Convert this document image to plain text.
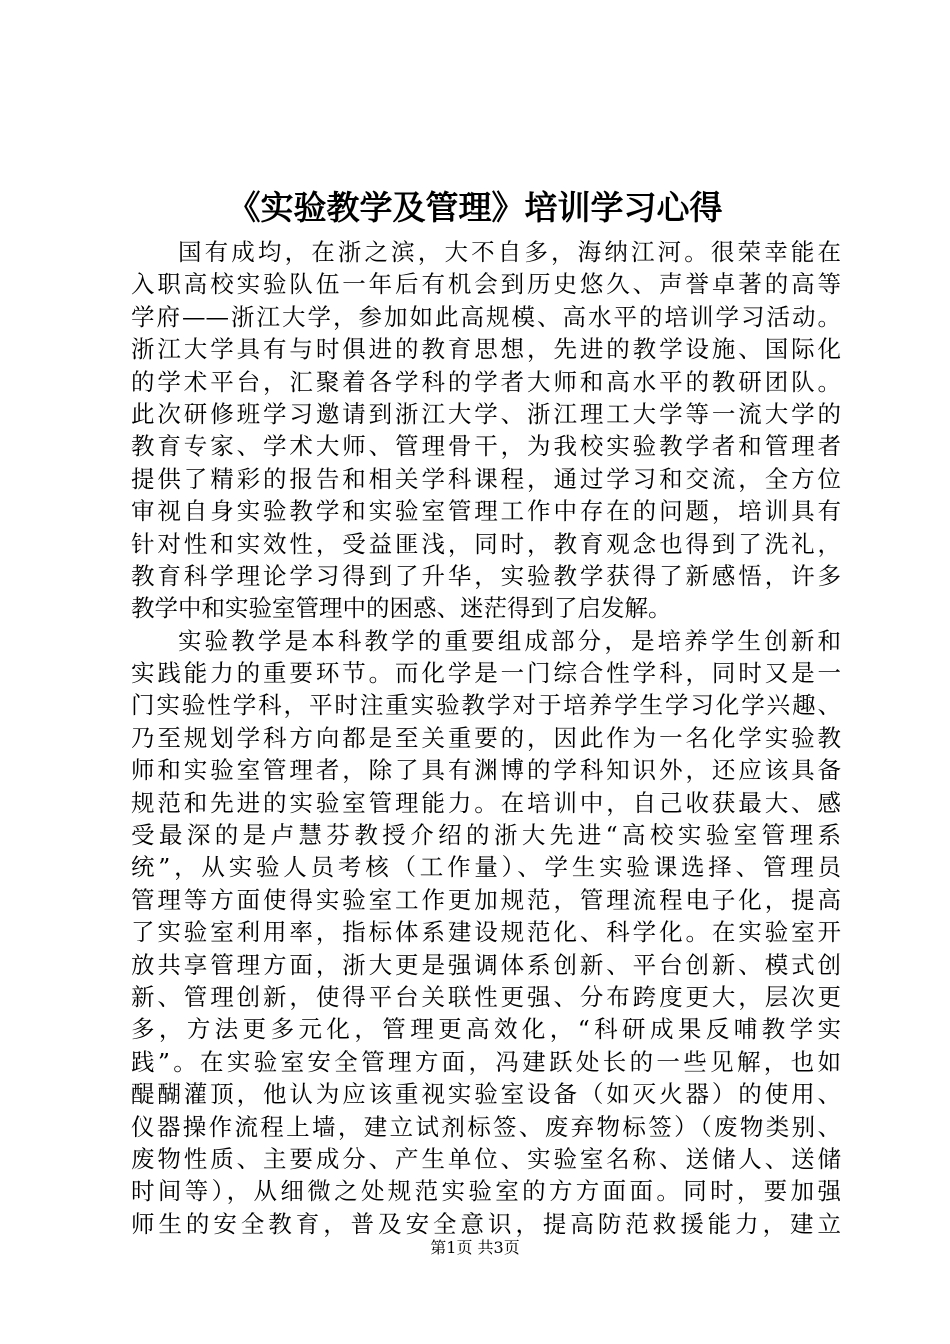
《实验教学及管理》培训学习心得
国有成均，在浙之滨，大不自多，海纳江河。很荣幸能在
入职高校实验队伍一年后有机会到历史悠久、声誉卓著的高等
学府——浙江大学，参加如此高规模、高水平的培训学习活动。
浙江大学具有与时俱进的教育思想，先进的教学设施、国际化
的学术平台，汇聚着各学科的学者大师和高水平的教研团队。
此次研修班学习邀请到浙江大学、浙江理工大学等一流大学的
教育专家、学术大师、管理骨干，为我校实验教学者和管理者
提供了精彩的报告和相关学科课程，通过学习和交流，全方位
审视自身实验教学和实验室管理工作中存在的问题，培训具有
针对性和实效性，受益匪浅，同时，教育观念也得到了洗礼，
教育科学理论学习得到了升华，实验教学获得了新感悟，许多
教学中和实验室管理中的困惑、迷茫得到了启发解。
实验教学是本科教学的重要组成部分，是培养学生创新和
实践能力的重要环节。而化学是一门综合性学科，同时又是一
门实验性学科，平时注重实验教学对于培养学生学习化学兴趣、
乃至规划学科方向都是至关重要的，因此作为一名化学实验教
师和实验室管理者，除了具有渊博的学科知识外，还应该具备
规范和先进的实验室管理能力。在培训中，自己收获最大、感
受最深的是卢慧芬教授介绍的浙大先进“高校实验室管理系
统”，从实验人员考核（工作量）、学生实验课选择、管理员
管理等方面使得实验室工作更加规范，管理流程电子化，提高
了实验室利用率，指标体系建设规范化、科学化。在实验室开
放共享管理方面，浙大更是强调体系创新、平台创新、模式创
新、管理创新，使得平台关联性更强、分布跨度更大，层次更
多，方法更多元化，管理更高效化，“科研成果反哺教学实
践”。在实验室安全管理方面，冯建跃处长的一些见解，也如
醍醐灌顶，他认为应该重视实验室设备（如灭火器）的使用、
仪器操作流程上墙，建立试剂标签、废弃物标签）（废物类别、
废物性质、主要成分、产生单位、实验室名称、送储人、送储
时间等），从细微之处规范实验室的方方面面。同时，要加强
师生的安全教育，普及安全意识，提高防范救援能力，建立
第1页 共3页
